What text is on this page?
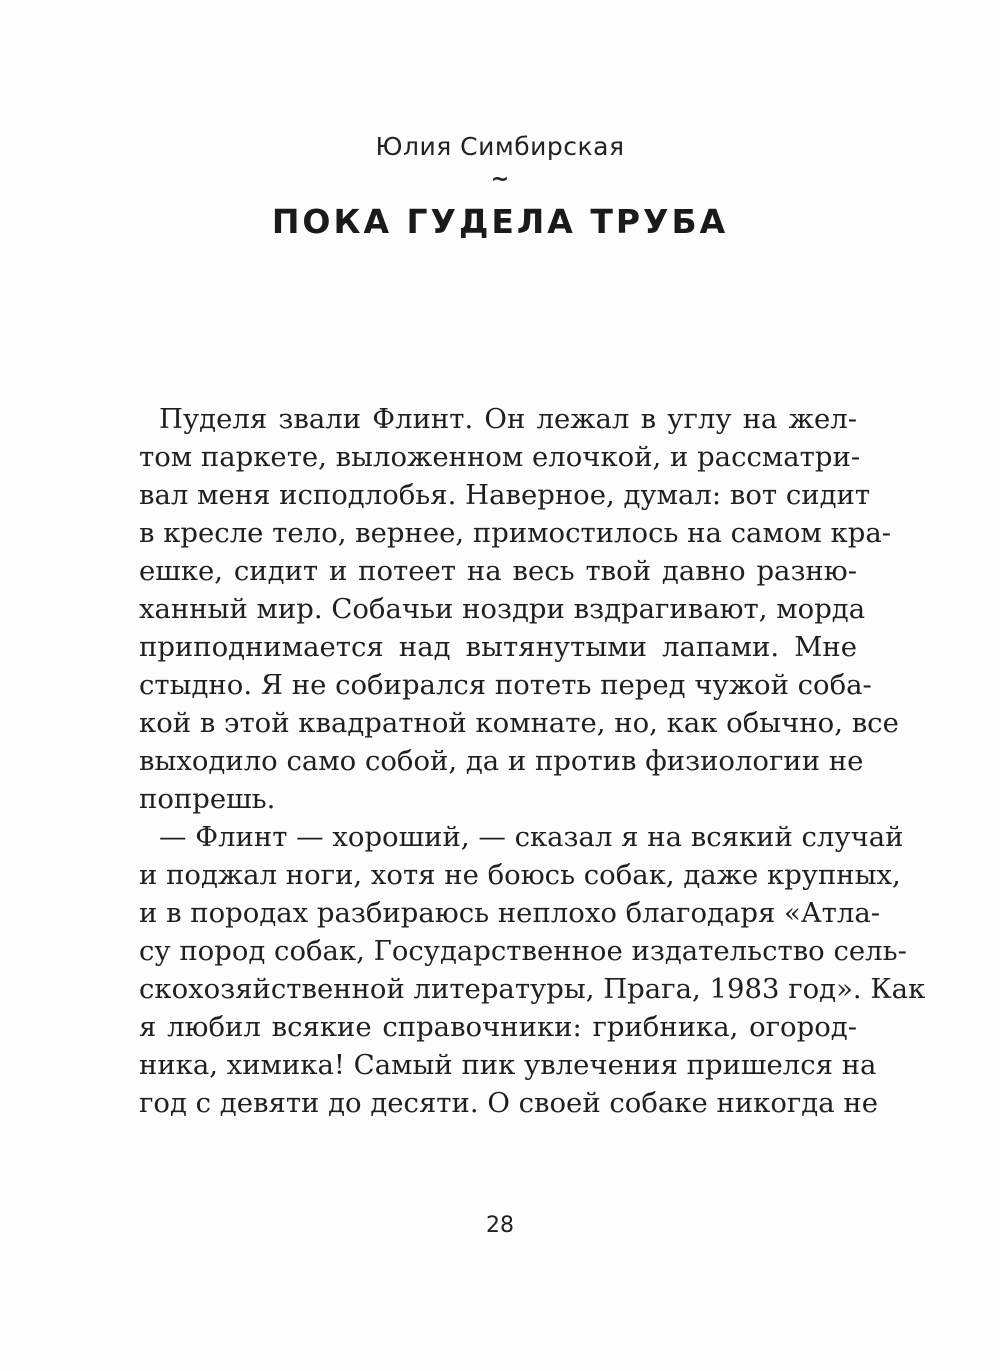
Юлия Симбирская
~
ПОКА ГУДЕЛА ТРУБА
Пуделя звали Флинт. Он лежал в углу на жел-
том паркете, выложенном елочкой, и рассматри-
вал меня исподлобья. Наверное, думал: вот сидит
в кресле тело, вернее, примостилось на самом кра-
ешке, сидит и потеет на весь твой давно разню-
ханный мир. Собачьи ноздри вздрагивают, морда
приподнимается над вытянутыми лапами. Мне
стыдно. Я не собирался потеть перед чужой соба-
кой в этой квадратной комнате, но, как обычно, все
выходило само собой, да и против физиологии не
попрешь.
— Флинт — хороший, — сказал я на всякий случай
и поджал ноги, хотя не боюсь собак, даже крупных,
и в породах разбираюсь неплохо благодаря «Атла-
су пород собак, Государственное издательство сель-
скохозяйственной литературы, Прага, 1983 год». Как
я любил всякие справочники: грибника, огород-
ника, химика! Самый пик увлечения пришелся на
год с девяти до десяти. О своей собаке никогда не
28
